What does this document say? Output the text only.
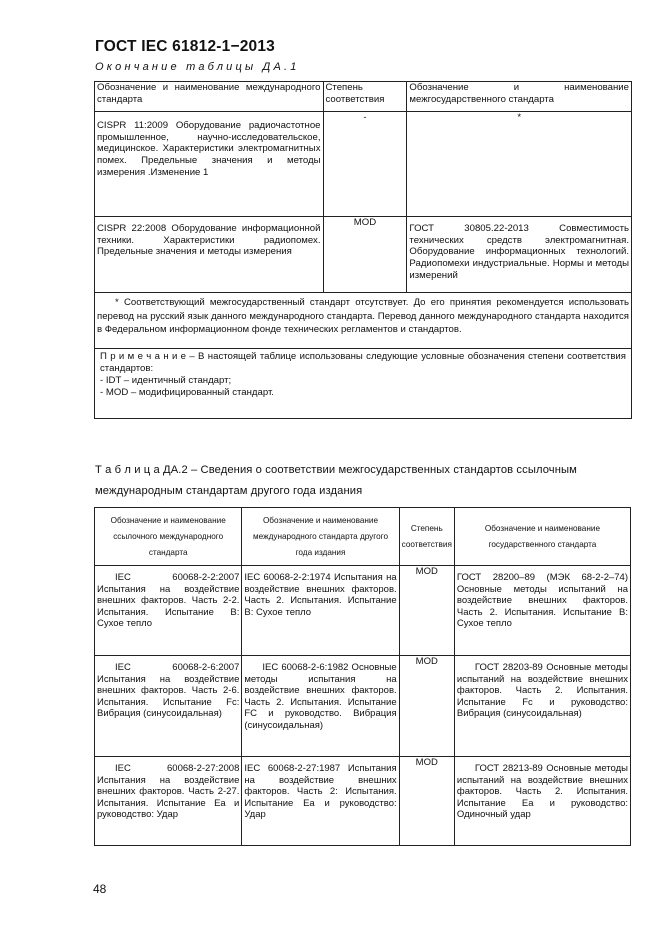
ГОСТ IEC 61812-1−2013
Окончание таблицы ДА.1
Обозначение и наименование международного стандарта	Степень соответствия	Обозначение и наименование межгосударственного стандарта
CISPR 11:2009 Оборудование радиочастотное промышленное, научно-исследовательское, медицинское. Характеристики электромагнитных помех. Предельные значения и методы измерения .Изменение 1	-	*
CISPR 22:2008 Оборудование информационной техники. Характеристики радиопомех. Предельные значения и методы измерения	MOD	ГОСТ 30805.22-2013 Совместимость технических средств электромагнитная. Оборудование информационных технологий. Радиопомехи индустриальные. Нормы и методы измерений
* Соответствующий межгосударственный стандарт отсутствует. До его принятия рекомендуется использовать перевод на русский язык данного международного стандарта. Перевод данного международного стандарта находится в Федеральном информационном фонде технических регламентов и стандартов.		

П р и м е ч а н и е – В настоящей таблице использованы следующие условные обозначения степени соответствия стандартов:

- IDT – идентичный стандарт;

- MOD – модифицированный стандарт.		

Т а б л и ц а ДА.2 – Сведения о соответствии межгосударственных стандартов ссылочным международным стандартам другого года издания
Обозначение и наименование ссылочного международного стандарта	Обозначение и наименование международного стандарта другого года издания	Степень соответствия	Обозначение и наименование государственного стандарта
IEC 60068-2-2:2007 Испытания на воздействие внешних факторов. Часть 2-2. Испытания. Испытание B: Сухое тепло	IEC 60068-2-2:1974 Испытания на воздействие внешних факторов. Часть 2. Испытания. Испытание B: Сухое тепло	MOD	ГОСТ 28200–89 (МЭК 68-2-2–74) Основные методы испытаний на воздействие внешних факторов. Часть 2. Испытания. Испытание B: Сухое тепло
IEC 60068-2-6:2007 Испытания на воздействие внешних факторов. Часть 2-6. Испытания. Испытание Fc: Вибрация (синусоидальная)	IEC 60068-2-6:1982 Основные методы испытания на воздействие внешних факторов. Часть 2. Испытания. Испытание FC и руководство. Вибрация (синусоидальная)	MOD	ГОСТ 28203-89 Основные методы испытаний на воздействие внешних факторов. Часть 2. Испытания. Испытание Fc и руководство: Вибрация (синусоидальная)
IEC 60068-2-27:2008 Испытания на воздействие внешних факторов. Часть 2-27. Испытания. Испытание Ea и руководство: Удар	IEC 60068-2-27:1987 Испытания на воздействие внешних факторов. Часть 2: Испытания. Испытание Ea и руководство: Удар	MOD	ГОСТ 28213-89 Основные методы испытаний на воздействие внешних факторов. Часть 2. Испытания. Испытание Ea и руководство: Одиночный удар
48
